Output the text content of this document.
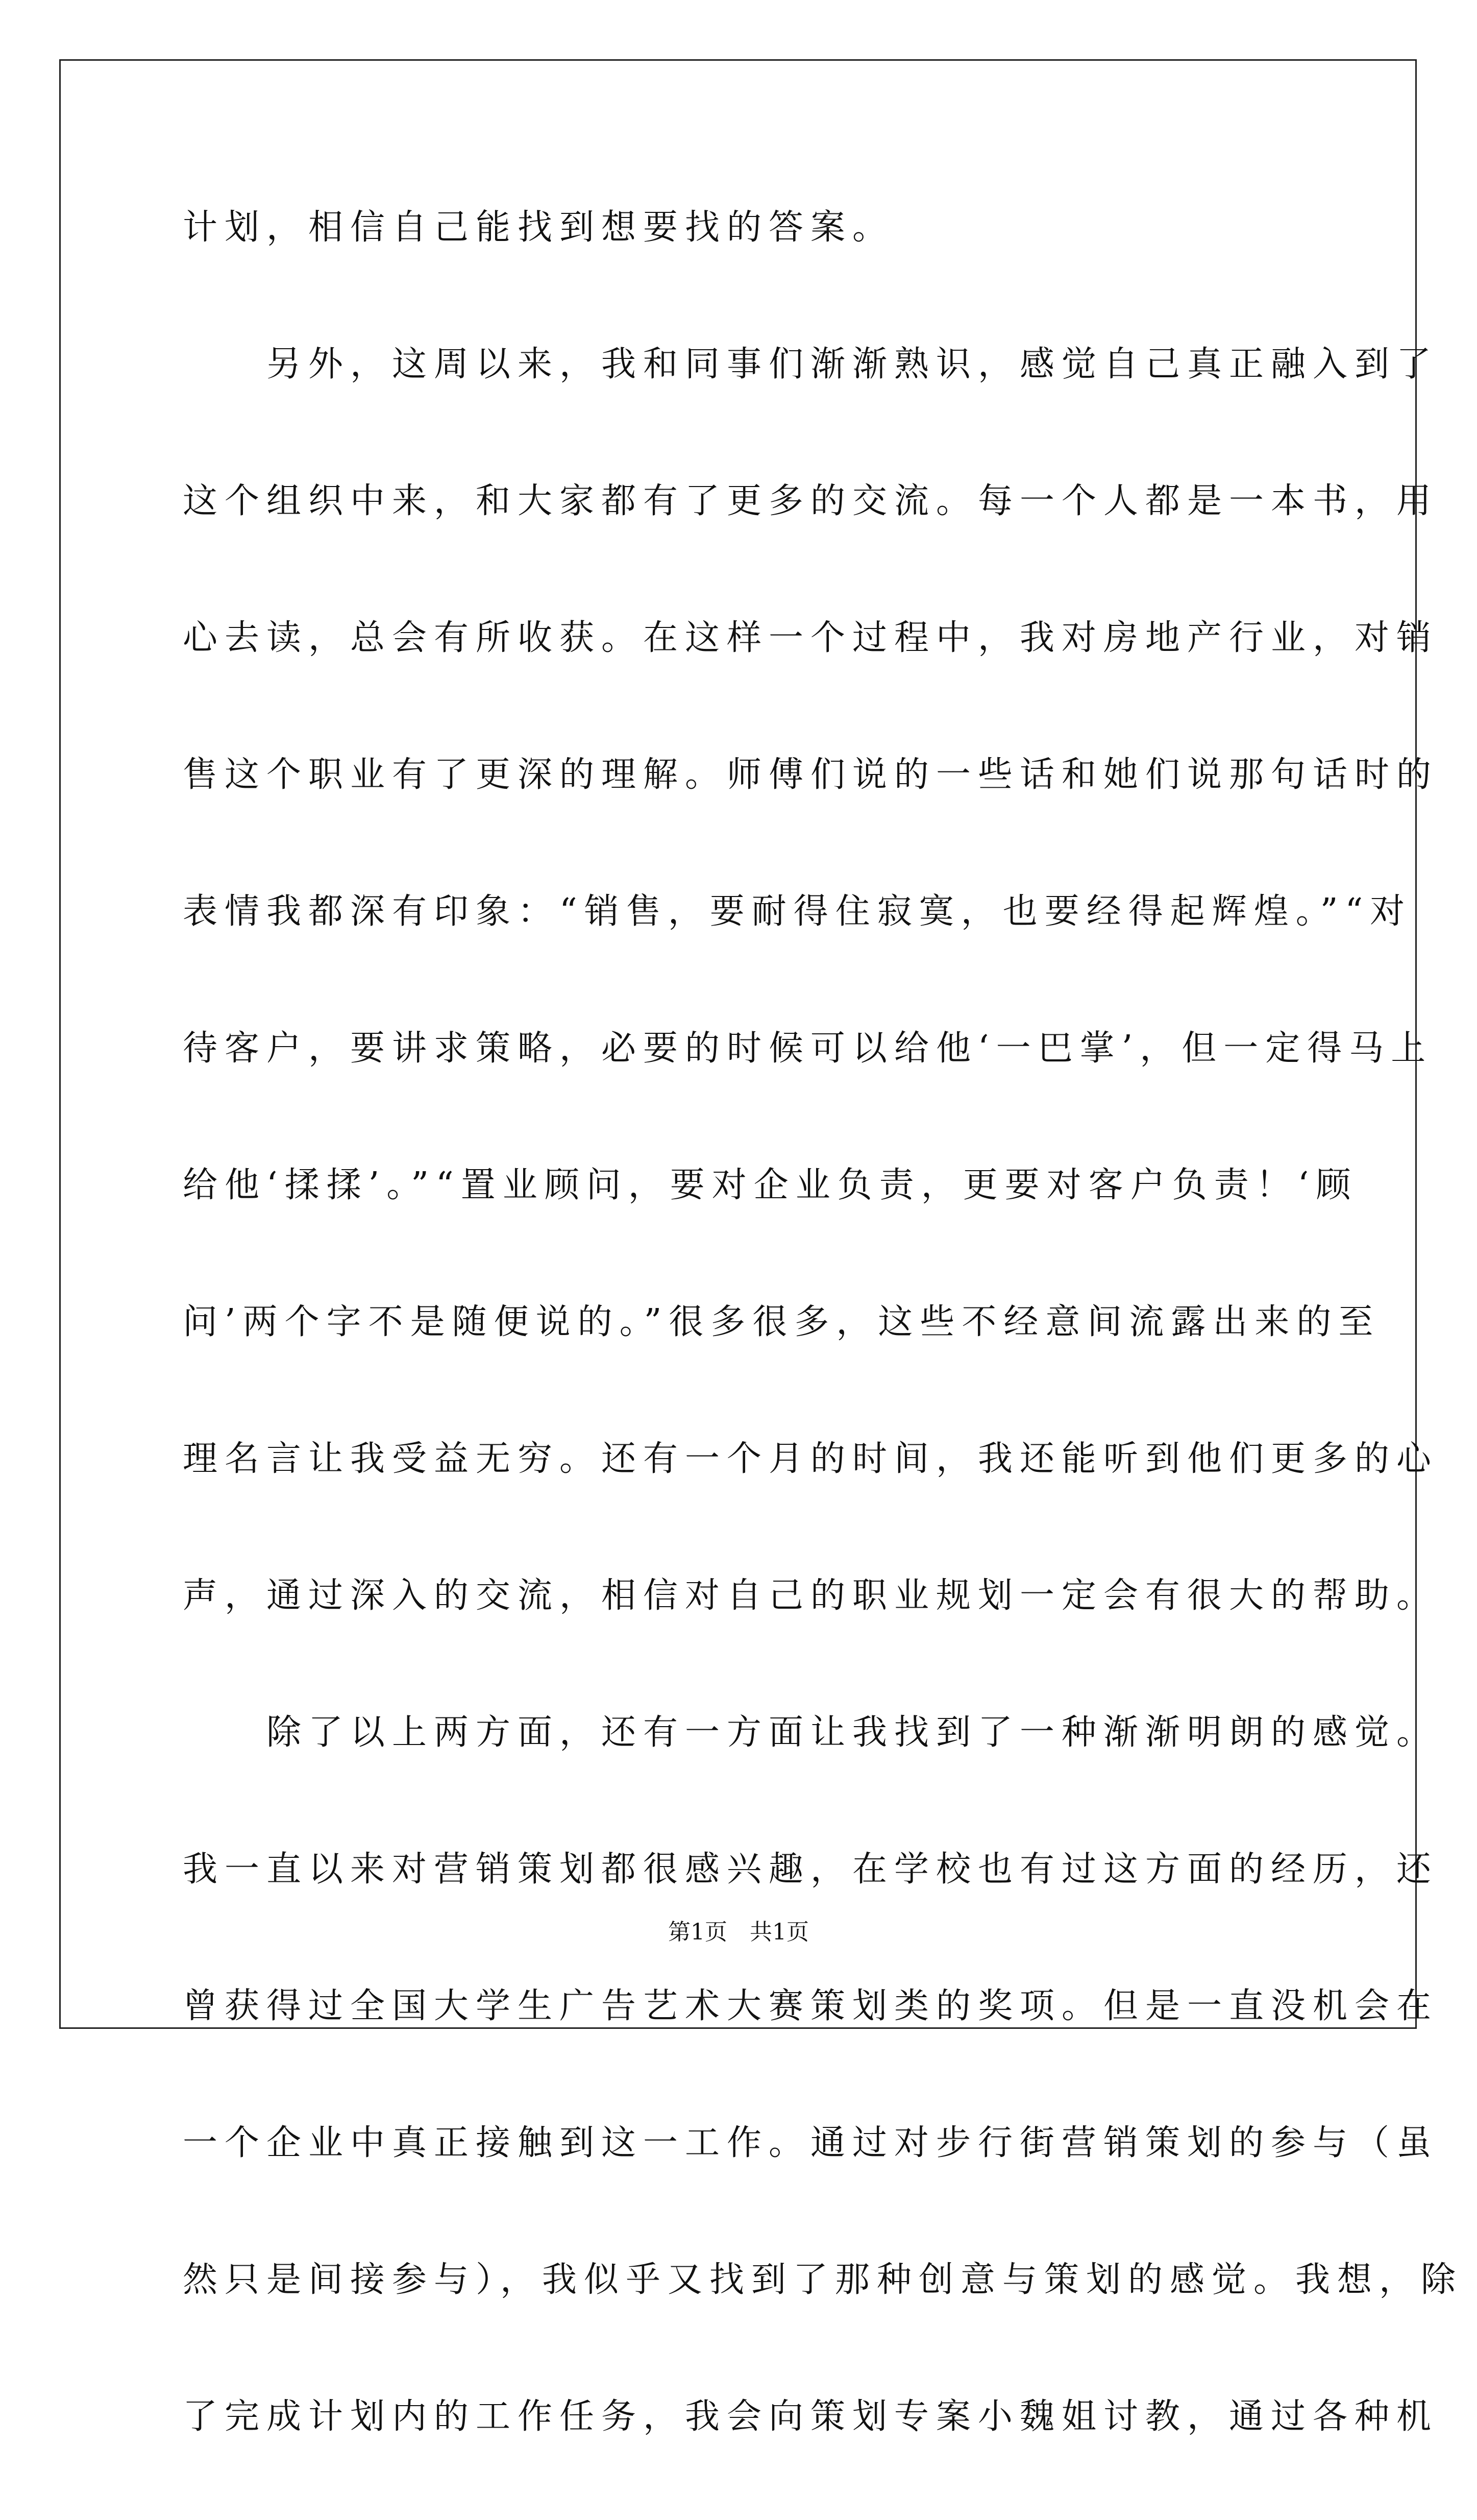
计划，相信自己能找到想要找的答案。
　　另外，这周以来，我和同事们渐渐熟识，感觉自己真正融入到了
这个组织中来，和大家都有了更多的交流。每一个人都是一本书，用
心去读，总会有所收获。在这样一个过程中，我对房地产行业，对销
售这个职业有了更深的理解。师傅们说的一些话和她们说那句话时的
表情我都深有印象：“销售，要耐得住寂寞，也要经得起辉煌。”“对
待客户，要讲求策略，必要的时候可以给他‘一巴掌’，但一定得马上
给他‘揉揉’。”“置业顾问，要对企业负责，更要对客户负责！‘顾
问’两个字不是随便说的。”很多很多，这些不经意间流露出来的至
理名言让我受益无穷。还有一个月的时间，我还能听到他们更多的心
声，通过深入的交流，相信对自己的职业规划一定会有很大的帮助。
　　除了以上两方面，还有一方面让我找到了一种渐渐明朗的感觉。
我一直以来对营销策划都很感兴趣，在学校也有过这方面的经历，还
曾获得过全国大学生广告艺术大赛策划类的奖项。但是一直没机会在
一个企业中真正接触到这一工作。通过对步行街营销策划的参与（虽
然只是间接参与），我似乎又找到了那种创意与策划的感觉。我想，除
了完成计划内的工作任务，我会向策划专案小魏姐讨教，通过各种机
第1页　共1页
